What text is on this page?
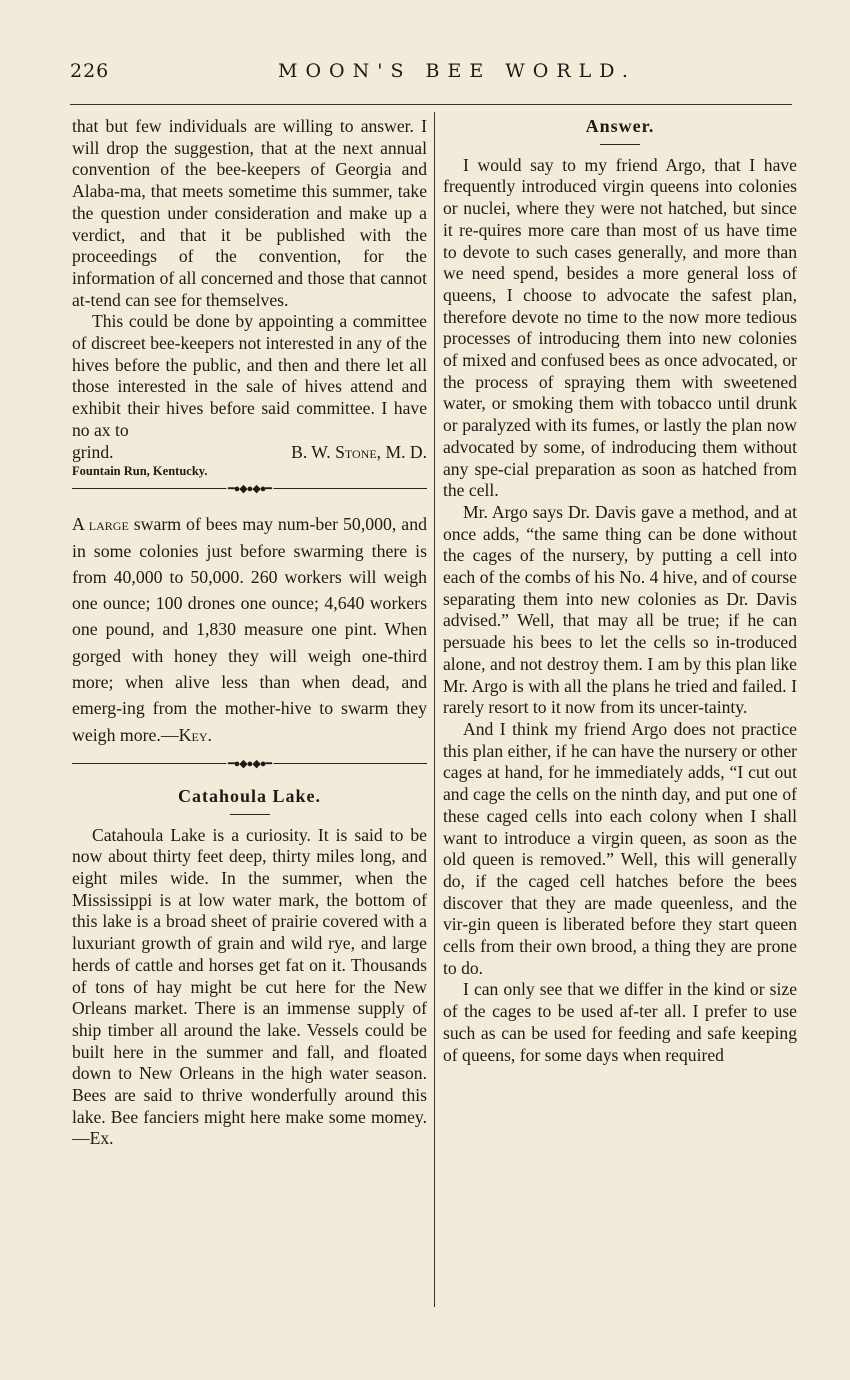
226	MOON'S BEE WORLD.

that but few individuals are willing to answer. I will drop the suggestion, that at the next annual convention of the bee-keepers of Georgia and Alaba-ma, that meets sometime this summer, take the question under consideration and make up a verdict, and that it be published with the proceedings of the convention, for the information of all concerned and those that cannot at-tend can see for themselves.

This could be done by appointing a committee of discreet bee-keepers not interested in any of the hives before the public, and then and there let all those interested in the sale of hives attend and exhibit their hives before said committee. I have no ax to

grind.	B. W. Stone, M. D.

Fountain Run, Kentucky.

━●◆●◆●━

A large swarm of bees may num-ber 50,000, and in some colonies just before swarming there is from 40,000 to 50,000. 260 workers will weigh one ounce; 100 drones one ounce; 4,640 workers one pound, and 1,830 measure one pint. When gorged with honey they will weigh one-third more; when alive less than when dead, and emerg-ing from the mother-hive to swarm they weigh more.—Key.

━●◆●◆●━
Catahoula Lake.

Catahoula Lake is a curiosity. It is said to be now about thirty feet deep, thirty miles long, and eight miles wide. In the summer, when the Mississippi is at low water mark, the bottom of this lake is a broad sheet of prairie covered with a luxuriant growth of grain and wild rye, and large herds of cattle and horses get fat on it. Thousands of tons of hay might be cut here for the New Orleans market. There is an immense supply of ship timber all around the lake. Vessels could be built here in the summer and fall, and floated down to New Orleans in the high water season. Bees are said to thrive wonderfully around this lake. Bee fanciers might here make some momey.—Ex.

Answer.

I would say to my friend Argo, that I have frequently introduced virgin queens into colonies or nuclei, where they were not hatched, but since it re-quires more care than most of us have time to devote to such cases generally, and more than we need spend, besides a more general loss of queens, I choose to advocate the safest plan, therefore devote no time to the now more tedious processes of introducing them into new colonies of mixed and confused bees as once advocated, or the process of spraying them with sweetened water, or smoking them with tobacco until drunk or paralyzed with its fumes, or lastly the plan now advocated by some, of indroducing them without any spe-cial preparation as soon as hatched from the cell.

Mr. Argo says Dr. Davis gave a method, and at once adds, “the same thing can be done without the cages of the nursery, by putting a cell into each of the combs of his No. 4 hive, and of course separating them into new colonies as Dr. Davis advised.” Well, that may all be true; if he can persuade his bees to let the cells so in-troduced alone, and not destroy them. I am by this plan like Mr. Argo is with all the plans he tried and failed. I rarely resort to it now from its uncer-tainty.

And I think my friend Argo does not practice this plan either, if he can have the nursery or other cages at hand, for he immediately adds, “I cut out and cage the cells on the ninth day, and put one of these caged cells into each colony when I shall want to introduce a virgin queen, as soon as the old queen is removed.” Well, this will generally do, if the caged cell hatches before the bees discover that they are made queenless, and the vir-gin queen is liberated before they start queen cells from their own brood, a thing they are prone to do.

I can only see that we differ in the kind or size of the cages to be used af-ter all. I prefer to use such as can be used for feeding and safe keeping of queens, for some days when required
